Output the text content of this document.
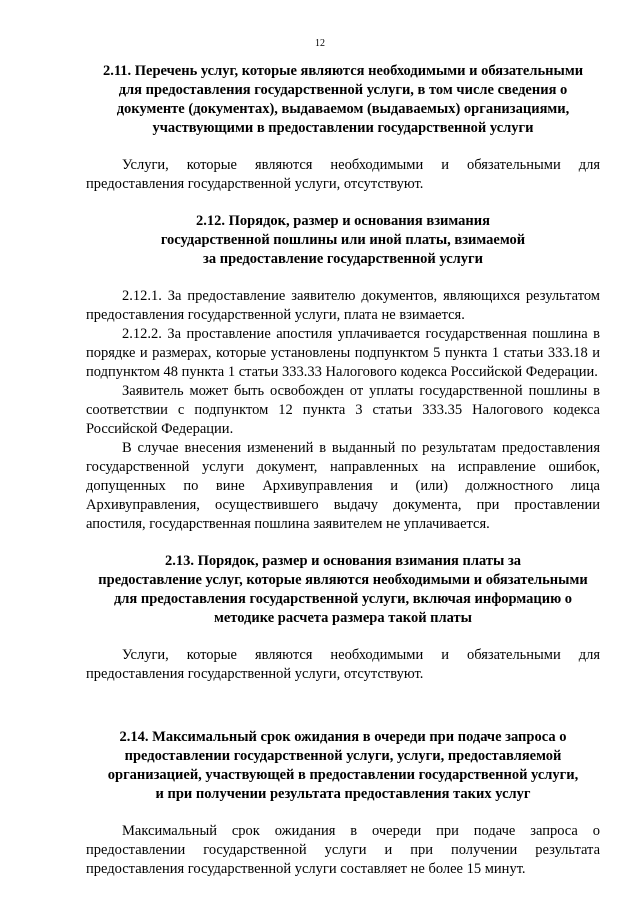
12
2.11. Перечень услуг, которые являются необходимыми и обязательными
для предоставления государственной услуги, в том числе сведения о
документе (документах), выдаваемом (выдаваемых) организациями,
участвующими в предоставлении государственной услуги

Услуги, которые являются необходимыми и обязательными для предоставления государственной услуги, отсутствуют.

2.12. Порядок, размер и основания взимания
государственной пошлины или иной платы, взимаемой
за предоставление государственной услуги

2.12.1. За предоставление заявителю документов, являющихся результатом предоставления государственной услуги, плата не взимается.

2.12.2. За проставление апостиля уплачивается государственная пошлина в порядке и размерах, которые установлены подпунктом 5 пункта 1 статьи 333.18 и подпунктом 48 пункта 1 статьи 333.33 Налогового кодекса Российской Федерации.

Заявитель может быть освобожден от уплаты государственной пошлины в соответствии с подпунктом 12 пункта 3 статьи 333.35 Налогового кодекса Российской Федерации.

В случае внесения изменений в выданный по результатам предоставления государственной услуги документ, направленных на исправление ошибок, допущенных по вине Архивуправления и (или) должностного лица Архивуправления, осуществившего выдачу документа, при проставлении апостиля, государственная пошлина заявителем не уплачивается.

2.13. Порядок, размер и основания взимания платы за
предоставление услуг, которые являются необходимыми и обязательными
для предоставления государственной услуги, включая информацию о
методике расчета размера такой платы

Услуги, которые являются необходимыми и обязательными для предоставления государственной услуги, отсутствуют.

2.14. Максимальный срок ожидания в очереди при подаче запроса о
предоставлении государственной услуги, услуги, предоставляемой
организацией, участвующей в предоставлении государственной услуги,
и при получении результата предоставления таких услуг

Максимальный срок ожидания в очереди при подаче запроса о предоставлении государственной услуги и при получении результата предоставления государственной услуги составляет не более 15 минут.
